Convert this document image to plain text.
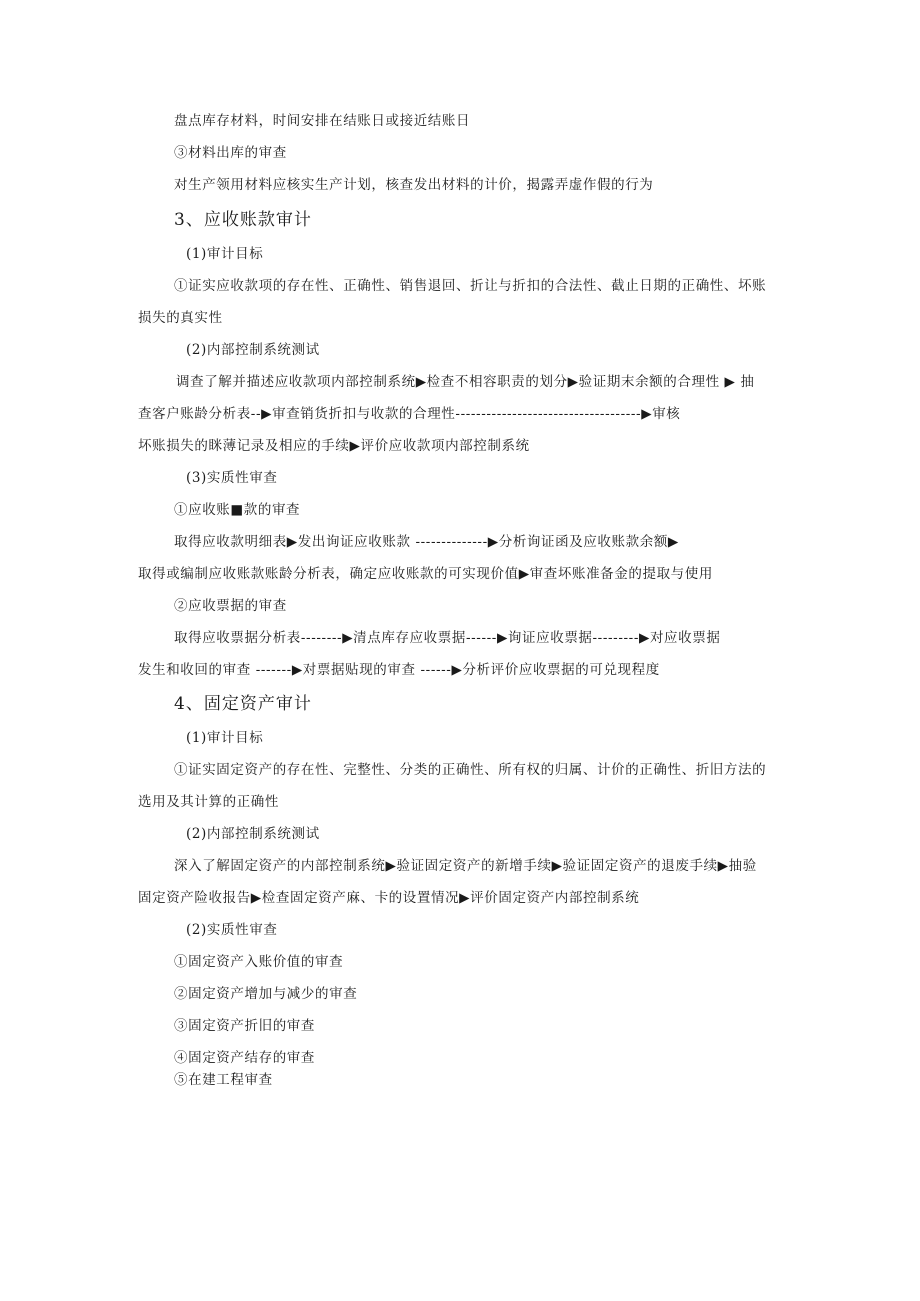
盘点库存材料，时间安排在结账日或接近结账日
③材料出库的审查
对生产领用材料应核实生产计划，核查发出材料的计价，揭露弄虚作假的行为
3、应收账款审计
(1)审计目标
①证实应收款项的存在性、正确性、销售退回、折让与折扣的合法性、截止日期的正确性、坏账
损失的真实性
(2)内部控制系统测试
调查了解并描述应收款项内部控制系统▶检查不相容职责的划分▶验证期末余额的合理性 ▶ 抽
查客户账龄分析表--▶审查销货折扣与收款的合理性------------------------------------▶审核
坏账损失的眯薄记录及相应的手续▶评价应收款项内部控制系统
(3)实质性审查
①应收账■款的审查
取得应收款明细表▶发出询证应收账款 --------------▶分析询证函及应收账款余额▶
取得或编制应收账款账龄分析表，确定应收账款的可实现价值▶审查坏账准备金的提取与使用
②应收票据的审查
取得应收票据分析表--------▶清点库存应收票据------▶询证应收票据---------▶对应收票据
发生和收回的审查 -------▶对票据贴现的审查 ------▶分析评价应收票据的可兑现程度
4、固定资产审计
(1)审计目标
①证实固定资产的存在性、完整性、分类的正确性、所有权的归属、计价的正确性、折旧方法的
选用及其计算的正确性
(2)内部控制系统测试
深入了解固定资产的内部控制系统▶验证固定资产的新增手续▶验证固定资产的退废手续▶抽验
固定资产险收报告▶检查固定资产麻、卡的设置情况▶评价固定资产内部控制系统
(2)实质性审查
①固定资产入账价值的审查
②固定资产增加与减少的审查
③固定资产折旧的审查
④固定资产结存的审查
⑤在建工程审查
